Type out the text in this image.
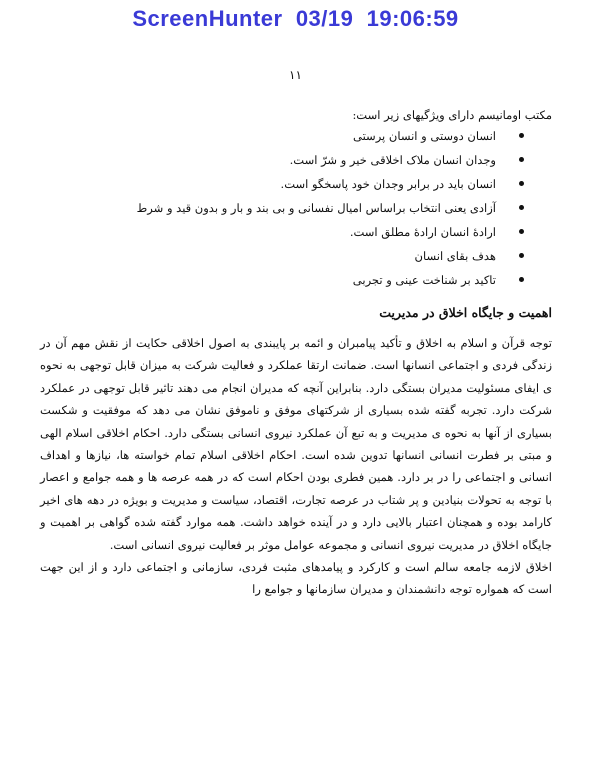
ScreenHunter  03/19  19:06:59
۱۱

مکتب اومانیسم دارای ویژگیهای زیر است:

انسان دوستی و انسان پرستی
وجدان انسان ملاک اخلاقی خیر و شرّ است.
انسان باید در برابر وجدان خود پاسخگو است.
آزادی یعنی انتخاب براساس امیال نفسانی و بی بند و بار و بدون قید و شرط
ارادهٔ انسان ارادهٔ مطلق است.
هدف بقای انسان
تاکید بر شناخت عینی و تجربی
اهمیت و جایگاه اخلاق در مدیریت

توجه قرآن و اسلام به اخلاق و تأکید پیامبران و ائمه بر پایبندی به اصول اخلاقی حکایت از نقش مهم آن در زندگی فردی و اجتماعی انسانها است. ضمانت ارتقا عملکرد و فعالیت شرکت به میزان قابل توجهی به نحوه ی ایفای مسئولیت مدیران بستگی دارد. بنابراین آنچه که مدیران انجام می دهند تاثیر قابل توجهی در عملکرد شرکت دارد. تجربه گفته شده بسیاری از شرکتهای موفق و ناموفق نشان می دهد که موفقیت و شکست بسیاری از آنها به نحوه ی مدیریت و به تبع آن عملکرد نیروی انسانی بستگی دارد. احکام اخلاقی اسلام الهی و مبتی بر فطرت انسانی انسانها تدوین شده است. احکام اخلاقی اسلام تمام خواسته ها، نیازها و اهداف انسانی و اجتماعی را در بر دارد. همین فطری بودن احکام است که در همه عرصه ها و همه جوامع و اعصار با توجه به تحولات بنیادین و پر شتاب در عرصه تجارت، اقتصاد، سیاست و مدیریت و بویژه در دهه های اخیر کارامد بوده و همچنان اعتبار بالایی دارد و در آینده خواهد داشت. همه موارد گفته شده گواهی بر اهمیت و جایگاه اخلاق در مدیریت نیروی انسانی و مجموعه عوامل موثر بر فعالیت نیروی انسانی است.

اخلاق لازمه جامعه سالم است و کارکرد و پیامدهای مثبت فردی، سازمانی و اجتماعی دارد و از این جهت است که همواره توجه دانشمندان و مدیران سازمانها و جوامع را
